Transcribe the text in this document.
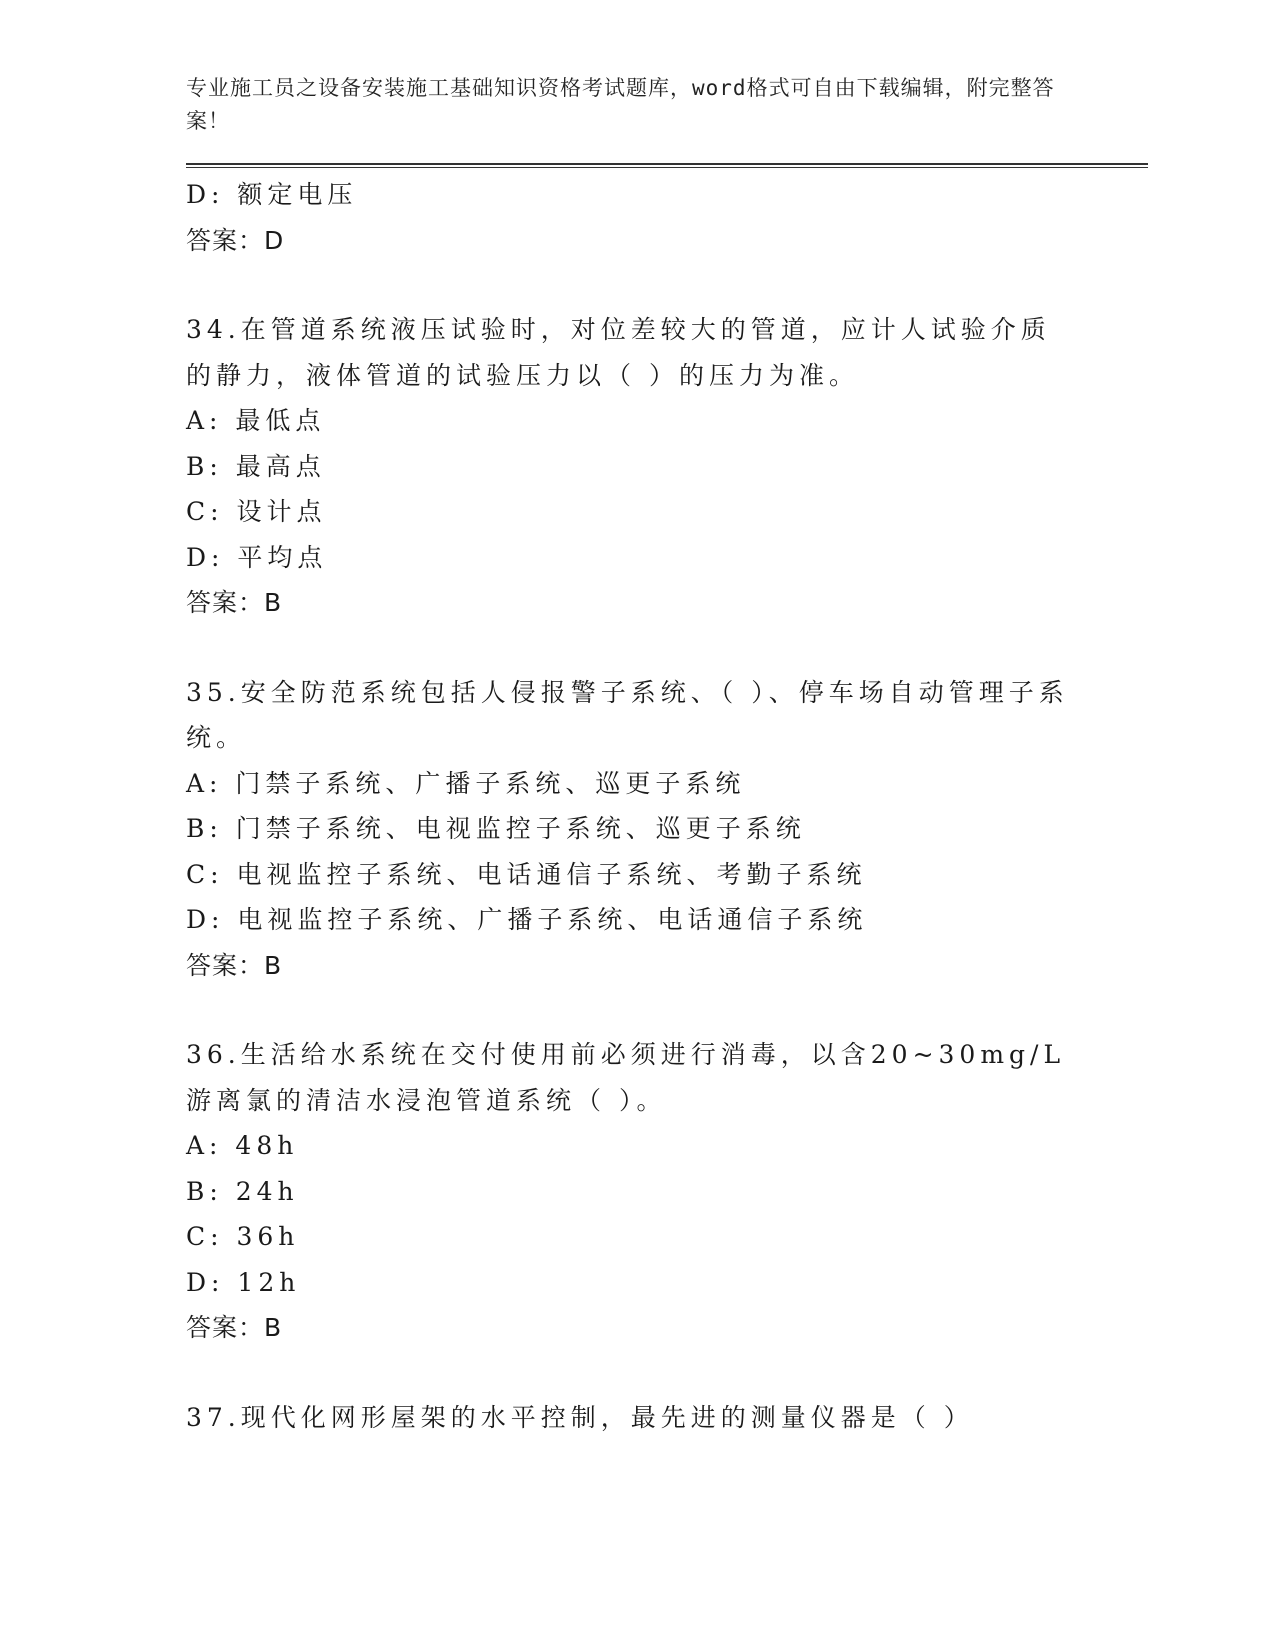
专业施工员之设备安装施工基础知识资格考试题库，word格式可自由下载编辑，附完整答案！
D: 额定电压
答案：D
34.在管道系统液压试验时，对位差较大的管道，应计人试验介质的静力，液体管道的试验压力以（ ）的压力为准。
A: 最低点
B: 最高点
C: 设计点
D: 平均点
答案：B
35.安全防范系统包括人侵报警子系统、（ ）、停车场自动管理子系统。
A: 门禁子系统、广播子系统、巡更子系统
B: 门禁子系统、电视监控子系统、巡更子系统
C: 电视监控子系统、电话通信子系统、考勤子系统
D: 电视监控子系统、广播子系统、电话通信子系统
答案：B
36.生活给水系统在交付使用前必须进行消毒，以含20~30mg/L游离氯的清洁水浸泡管道系统（ ）。
A: 48h
B: 24h
C: 36h
D: 12h
答案：B
37.现代化网形屋架的水平控制，最先进的测量仪器是（ ）
